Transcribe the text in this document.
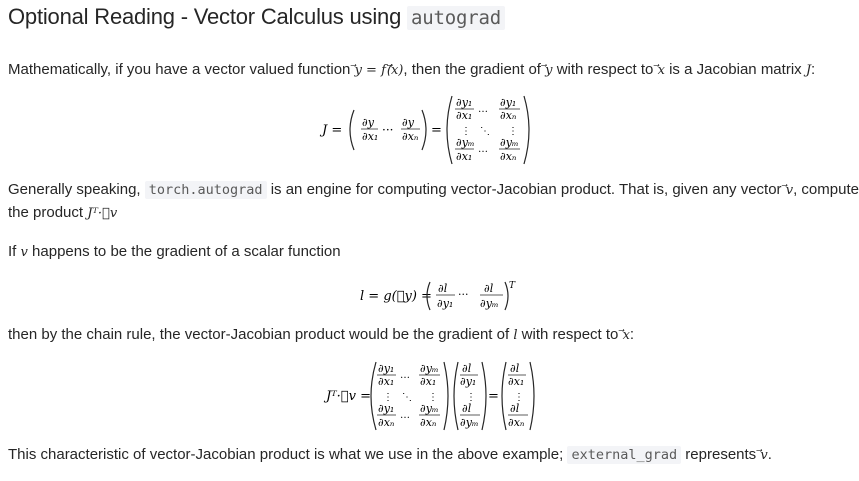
Optional Reading - Vector Calculus using autograd
Mathematically, if you have a vector valued function ⃗y = f(⃗x), then the gradient of ⃗y with respect to ⃗x is a Jacobian matrix J:
J =
∂y
∂x₁ ···
∂y
∂xₙ =
∂y₁
∂x₁ …
∂y₁
∂xₙ
⋮ ⋱ ⋮
∂yₘ
∂x₁
…
∂yₘ
∂xₙ
Generally speaking, torch.autograd is an engine for computing vector-Jacobian product. That is, given any vector ⃗v, compute
the product Jᵀ·⃗v
If v happens to be the gradient of a scalar function
l = g(⃗y) =
∂l
∂y₁
··· ∂l
∂yₘ
T
then by the chain rule, the vector-Jacobian product would be the gradient of l with respect to ⃗x:
Jᵀ·⃗v =
∂y₁
∂x₁ …
∂yₘ
∂x₁
⋮ ⋱ ⋮
∂y₁
∂xₙ
…
∂yₘ
∂xₙ
∂l
∂y₁
⋮
∂l
∂yₘ
=
∂l
∂x₁
⋮
∂l
∂xₙ
This characteristic of vector-Jacobian product is what we use in the above example; external_grad represents ⃗v.
